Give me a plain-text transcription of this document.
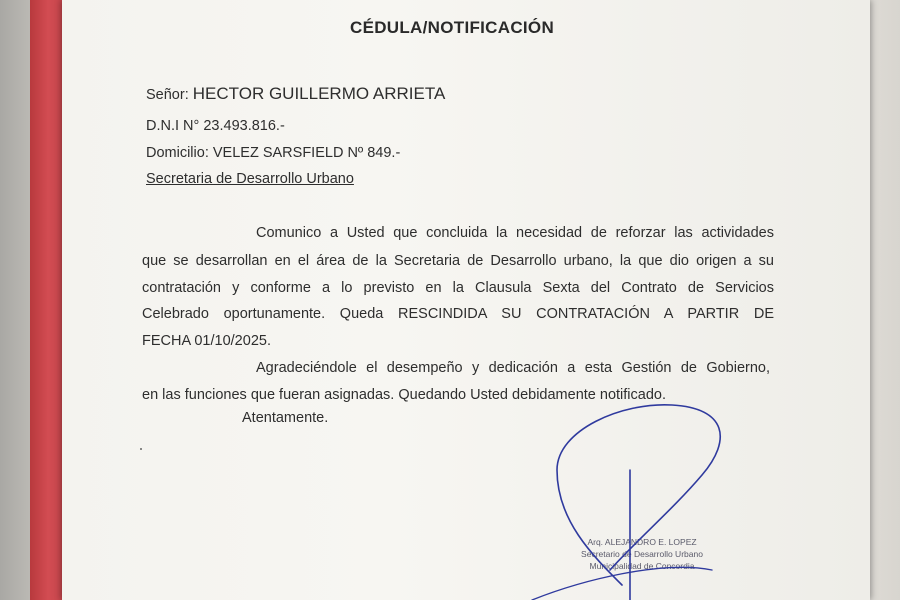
CÉDULA/NOTIFICACIÓN
Señor: HECTOR GUILLERMO ARRIETA
D.N.I N° 23.493.816.-
Domicilio: VELEZ SARSFIELD Nº 849.-
Secretaria de Desarrollo Urbano
Comunico a Usted que concluida la necesidad de reforzar las actividades
que se desarrollan en el área de la Secretaria de Desarrollo urbano, la que dio origen a su
contratación y conforme a lo previsto en la Clausula Sexta del Contrato de Servicios
Celebrado oportunamente. Queda RESCINDIDA SU CONTRATACIÓN A PARTIR DE
FECHA 01/10/2025.
Agradeciéndole el desempeño y dedicación a esta Gestión de Gobierno,
en las funciones que fueran asignadas. Quedando Usted debidamente notificado.
Atentamente.
Arq. ALEJANDRO E. LOPEZ
Secretario de Desarrollo Urbano
Municipalidad de Concordia
